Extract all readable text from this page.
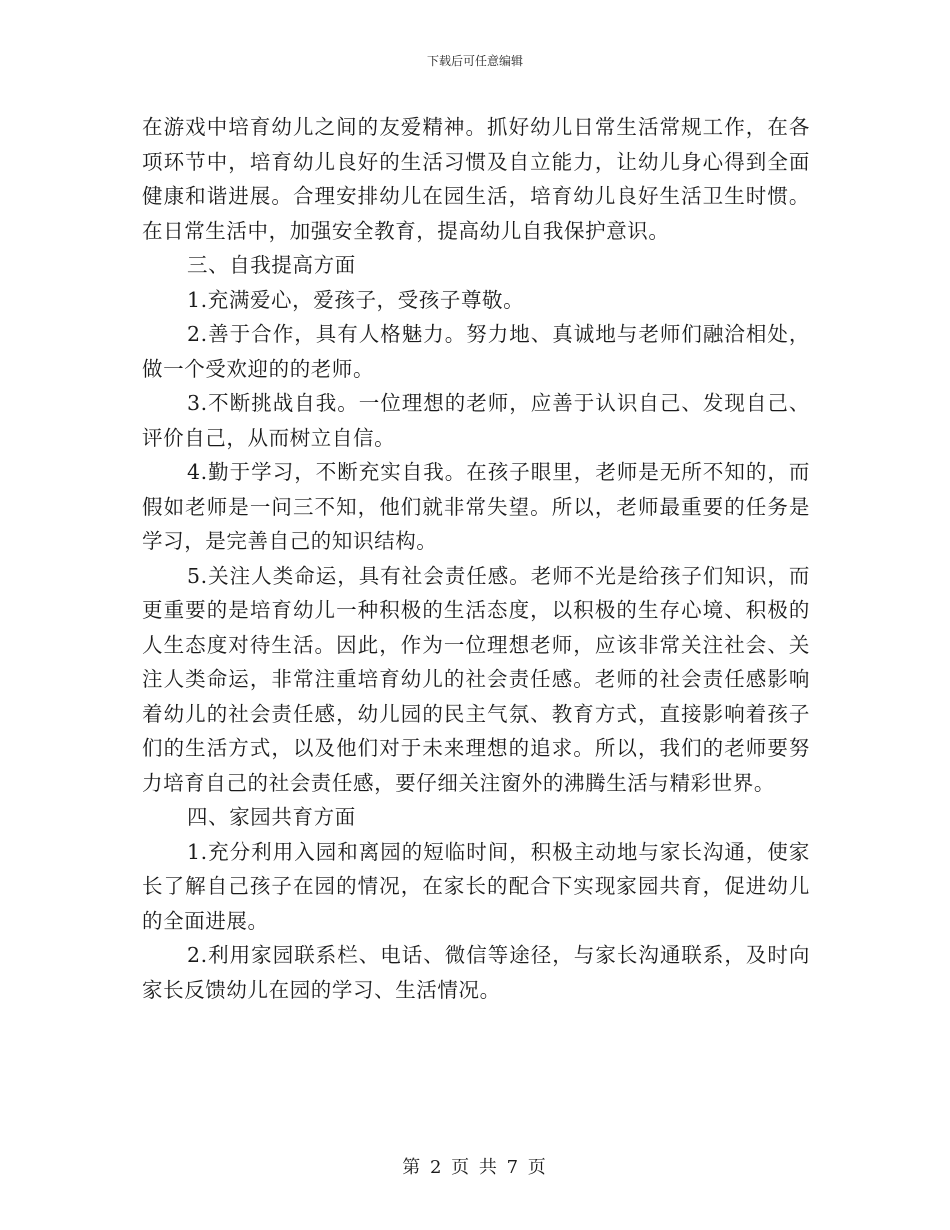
下载后可任意编辑

在游戏中培育幼儿之间的友爱精神。抓好幼儿日常生活常规工作，在各项环节中，培育幼儿良好的生活习惯及自立能力，让幼儿身心得到全面健康和谐进展。合理安排幼儿在园生活，培育幼儿良好生活卫生时惯。在日常生活中，加强安全教育，提高幼儿自我保护意识。

三、自我提高方面

1.充满爱心，爱孩子，受孩子尊敬。

2.善于合作，具有人格魅力。努力地、真诚地与老师们融洽相处，做一个受欢迎的的老师。

3.不断挑战自我。一位理想的老师，应善于认识自己、发现自己、评价自己，从而树立自信。

4.勤于学习，不断充实自我。在孩子眼里，老师是无所不知的，而假如老师是一问三不知，他们就非常失望。所以，老师最重要的任务是学习，是完善自己的知识结构。

5.关注人类命运，具有社会责任感。老师不光是给孩子们知识，而更重要的是培育幼儿一种积极的生活态度，以积极的生存心境、积极的人生态度对待生活。因此，作为一位理想老师，应该非常关注社会、关注人类命运，非常注重培育幼儿的社会责任感。老师的社会责任感影响着幼儿的社会责任感，幼儿园的民主气氛、教育方式，直接影响着孩子们的生活方式，以及他们对于未来理想的追求。所以，我们的老师要努力培育自己的社会责任感，要仔细关注窗外的沸腾生活与精彩世界。

四、家园共育方面

1.充分利用入园和离园的短临时间，积极主动地与家长沟通，使家长了解自己孩子在园的情况，在家长的配合下实现家园共育，促进幼儿的全面进展。

2.利用家园联系栏、电话、微信等途径，与家长沟通联系，及时向家长反馈幼儿在园的学习、生活情况。

第 2 页 共 7 页
